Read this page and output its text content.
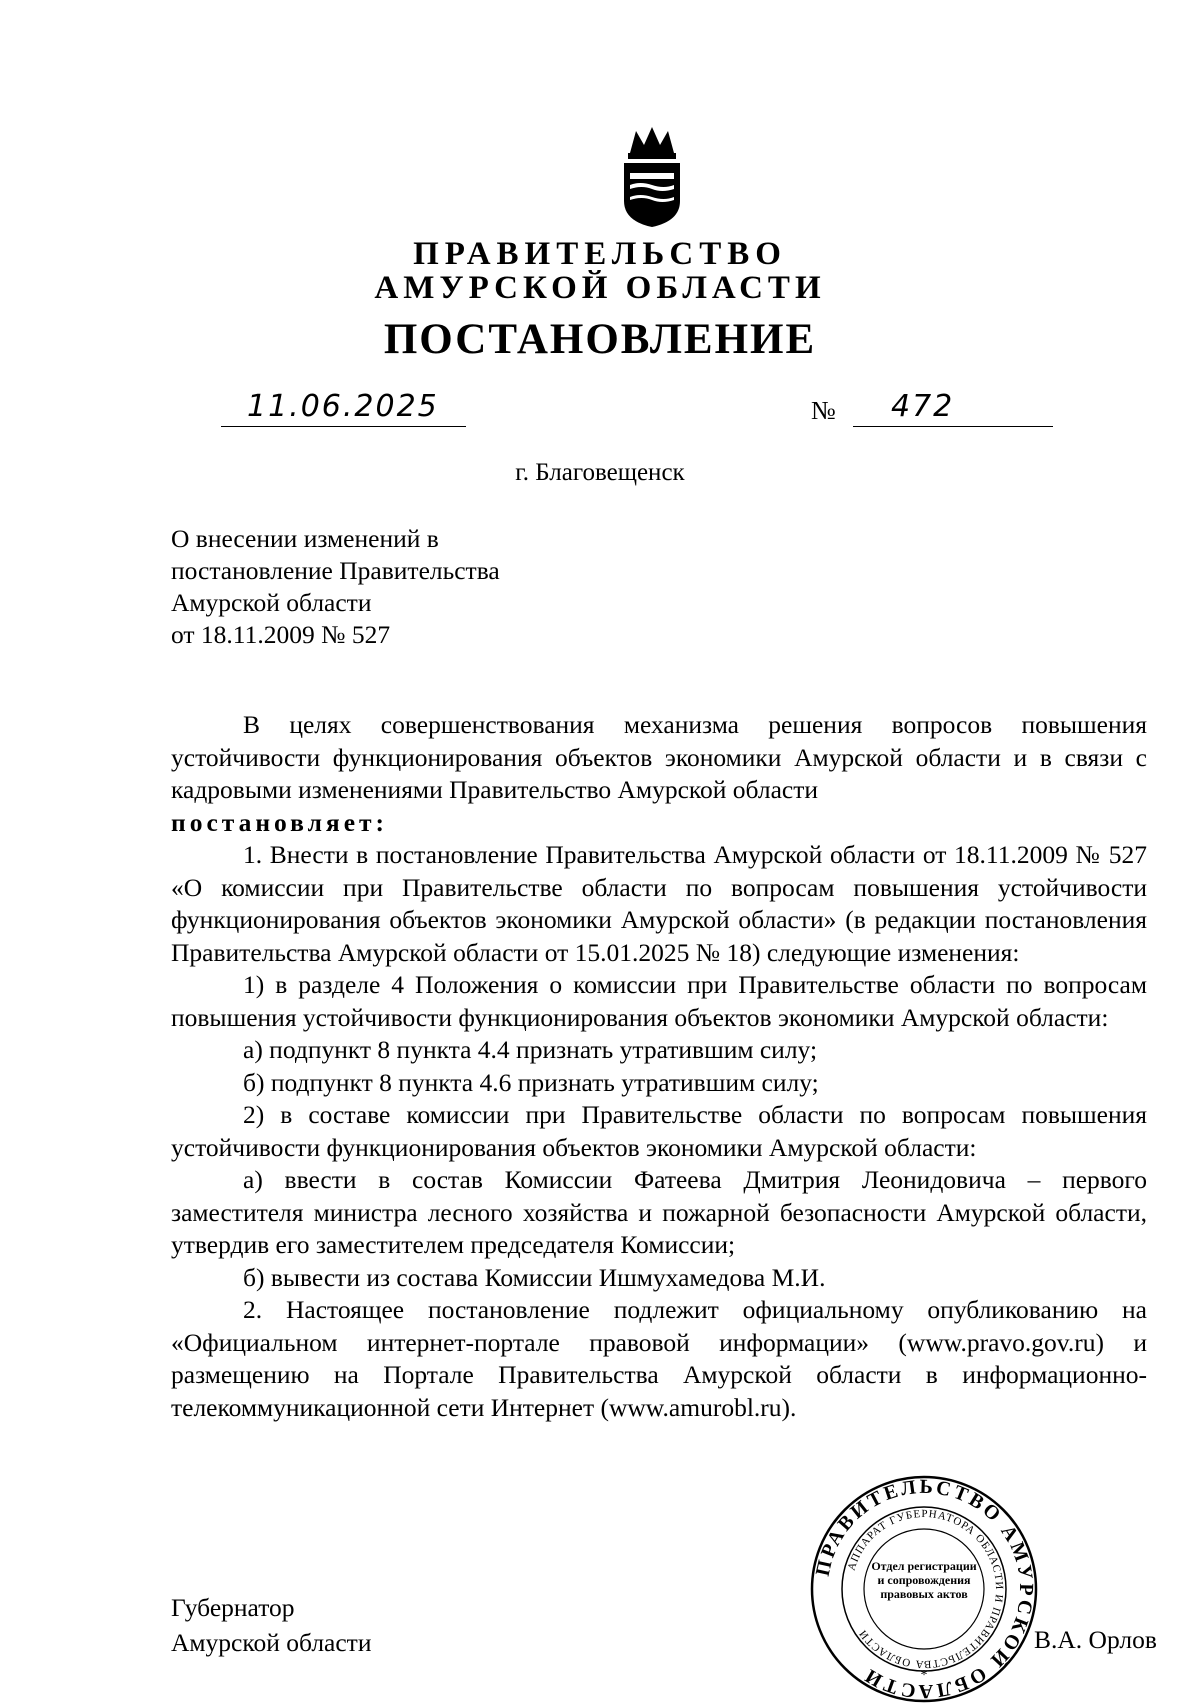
ПРАВИТЕЛЬСТВО
АМУРСКОЙ ОБЛАСТИ
ПОСТАНОВЛЕНИЕ
11.06.2025	№ 472
г. Благовещенск
О внесении изменений в
постановление Правительства
Амурской области
от 18.11.2009 № 527
В целях совершенствования механизма решения вопросов повышения устойчивости функционирования объектов экономики Амурской области и в связи с кадровыми изменениями Правительство Амурской области
постановляет:
1. Внести в постановление Правительства Амурской области от 18.11.2009 № 527 «О комиссии при Правительстве области по вопросам повышения устойчивости функционирования объектов экономики Амурской области» (в редакции постановления Правительства Амурской области от 15.01.2025 № 18) следующие изменения:
1) в разделе 4 Положения о комиссии при Правительстве области по вопросам повышения устойчивости функционирования объектов экономики Амурской области:
а) подпункт 8 пункта 4.4 признать утратившим силу;
б) подпункт 8 пункта 4.6 признать утратившим силу;
2) в составе комиссии при Правительстве области по вопросам повышения устойчивости функционирования объектов экономики Амурской области:
а) ввести в состав Комиссии Фатеева Дмитрия Леонидовича – первого заместителя министра лесного хозяйства и пожарной безопасности Амурской области, утвердив его заместителем председателя Комиссии;
б) вывести из состава Комиссии Ишмухамедова М.И.
2. Настоящее постановление подлежит официальному опубликованию на «Официальном интернет-портале правовой информации» (www.pravo.gov.ru) и размещению на Портале Правительства Амурской области в информационно-телекоммуникационной сети Интернет (www.amurobl.ru).
Губернатор
Амурской области	В.А. Орлов
ПРАВИТЕЛЬСТВО АМУРСКОЙ ОБЛАСТИ
АППАРАТ ГУБЕРНАТОРА ОБЛАСТИ И ПРАВИТЕЛЬСТВА ОБЛАСТИ
Отдел регистрации и сопровождения правовых актов
*
